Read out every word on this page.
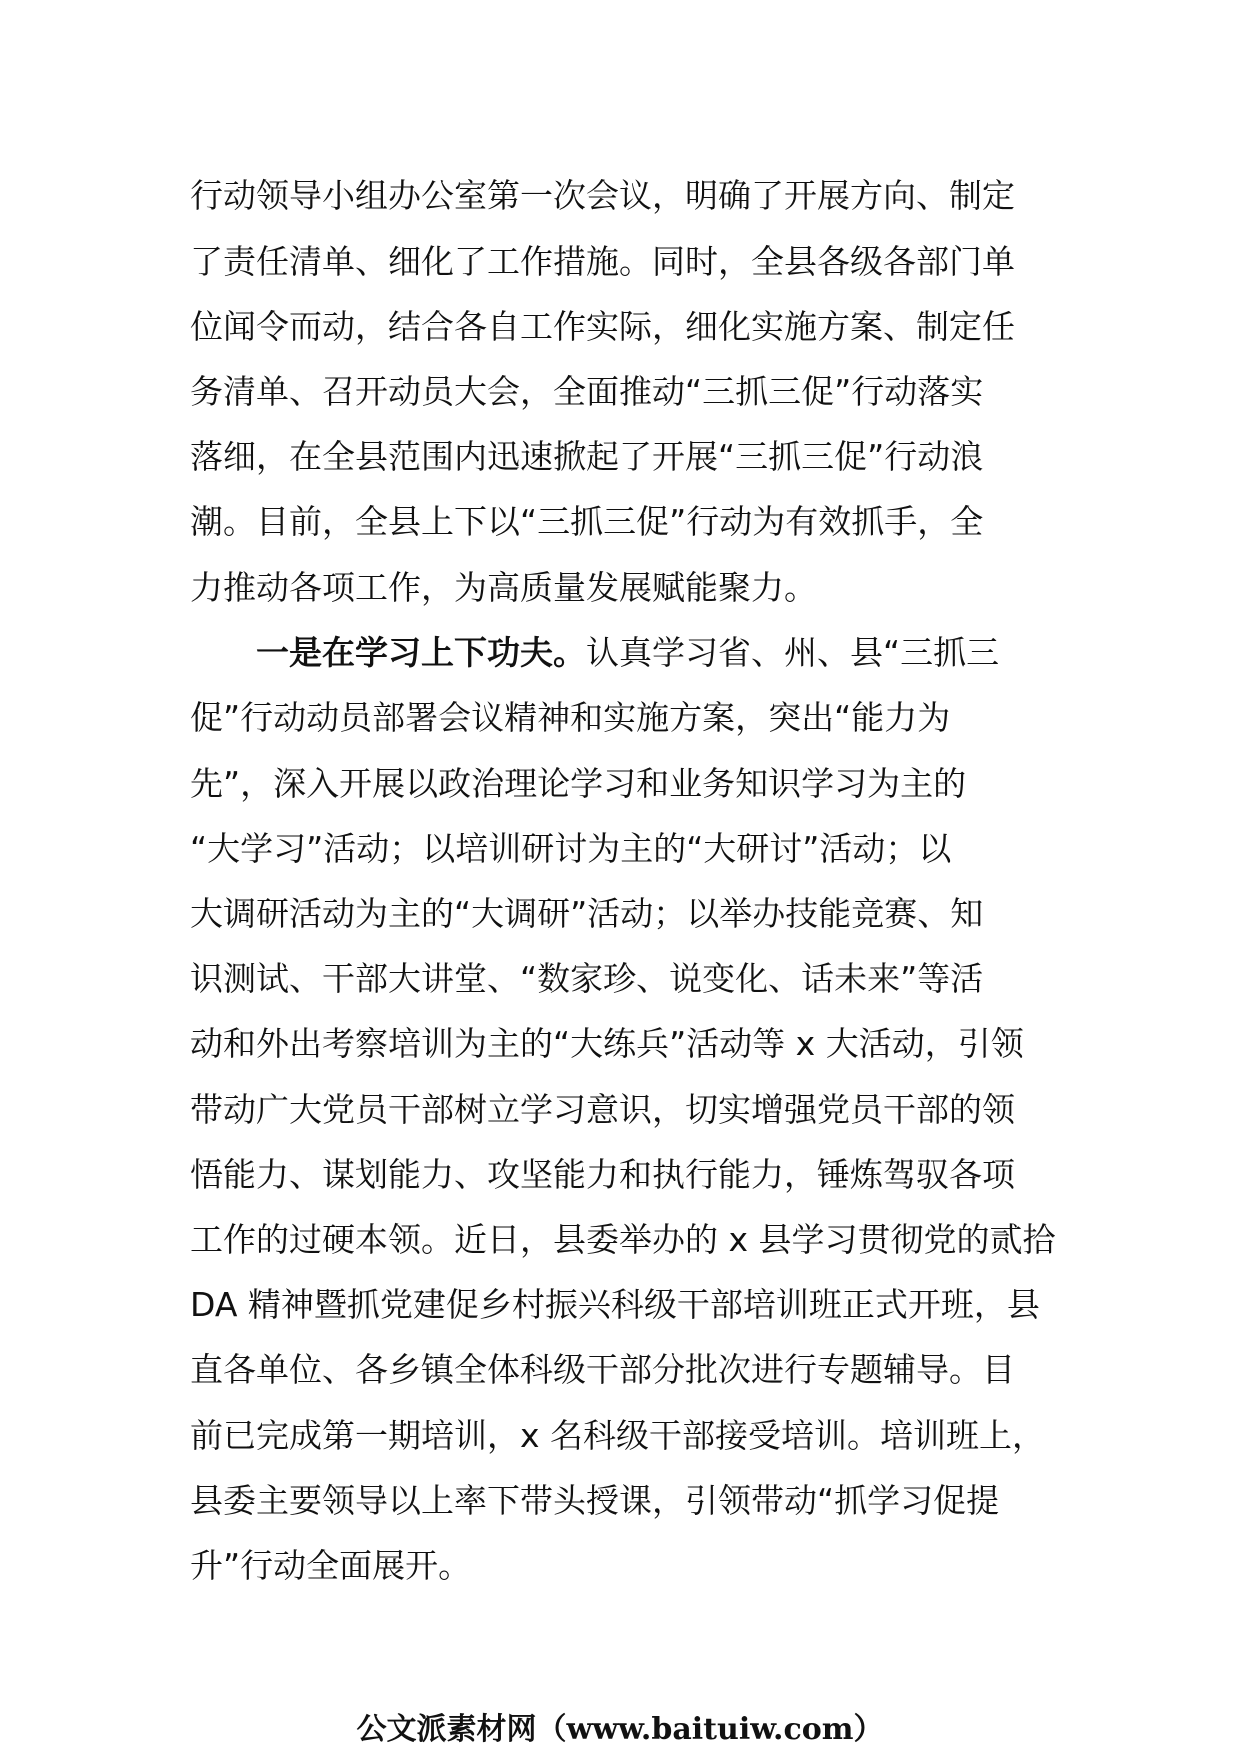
行动领导小组办公室第一次会议，明确了开展方向、制定
了责任清单、细化了工作措施。同时，全县各级各部门单
位闻令而动，结合各自工作实际，细化实施方案、制定任
务清单、召开动员大会，全面推动“三抓三促”行动落实
落细，在全县范围内迅速掀起了开展“三抓三促”行动浪
潮。目前，全县上下以“三抓三促”行动为有效抓手，全
力推动各项工作，为高质量发展赋能聚力。
一是在学习上下功夫。认真学习省、州、县“三抓三
促”行动动员部署会议精神和实施方案，突出“能力为
先”，深入开展以政治理论学习和业务知识学习为主的
“大学习”活动；以培训研讨为主的“大研讨”活动；以
大调研活动为主的“大调研”活动；以举办技能竞赛、知
识测试、干部大讲堂、“数家珍、说变化、话未来”等活
动和外出考察培训为主的“大练兵”活动等 x 大活动，引领
带动广大党员干部树立学习意识，切实增强党员干部的领
悟能力、谋划能力、攻坚能力和执行能力，锤炼驾驭各项
工作的过硬本领。近日，县委举办的 x 县学习贯彻党的贰拾
DA 精神暨抓党建促乡村振兴科级干部培训班正式开班，县
直各单位、各乡镇全体科级干部分批次进行专题辅导。目
前已完成第一期培训，x 名科级干部接受培训。培训班上，
县委主要领导以上率下带头授课，引领带动“抓学习促提
升”行动全面展开。
公文派素材网（www.baituiw.com）
